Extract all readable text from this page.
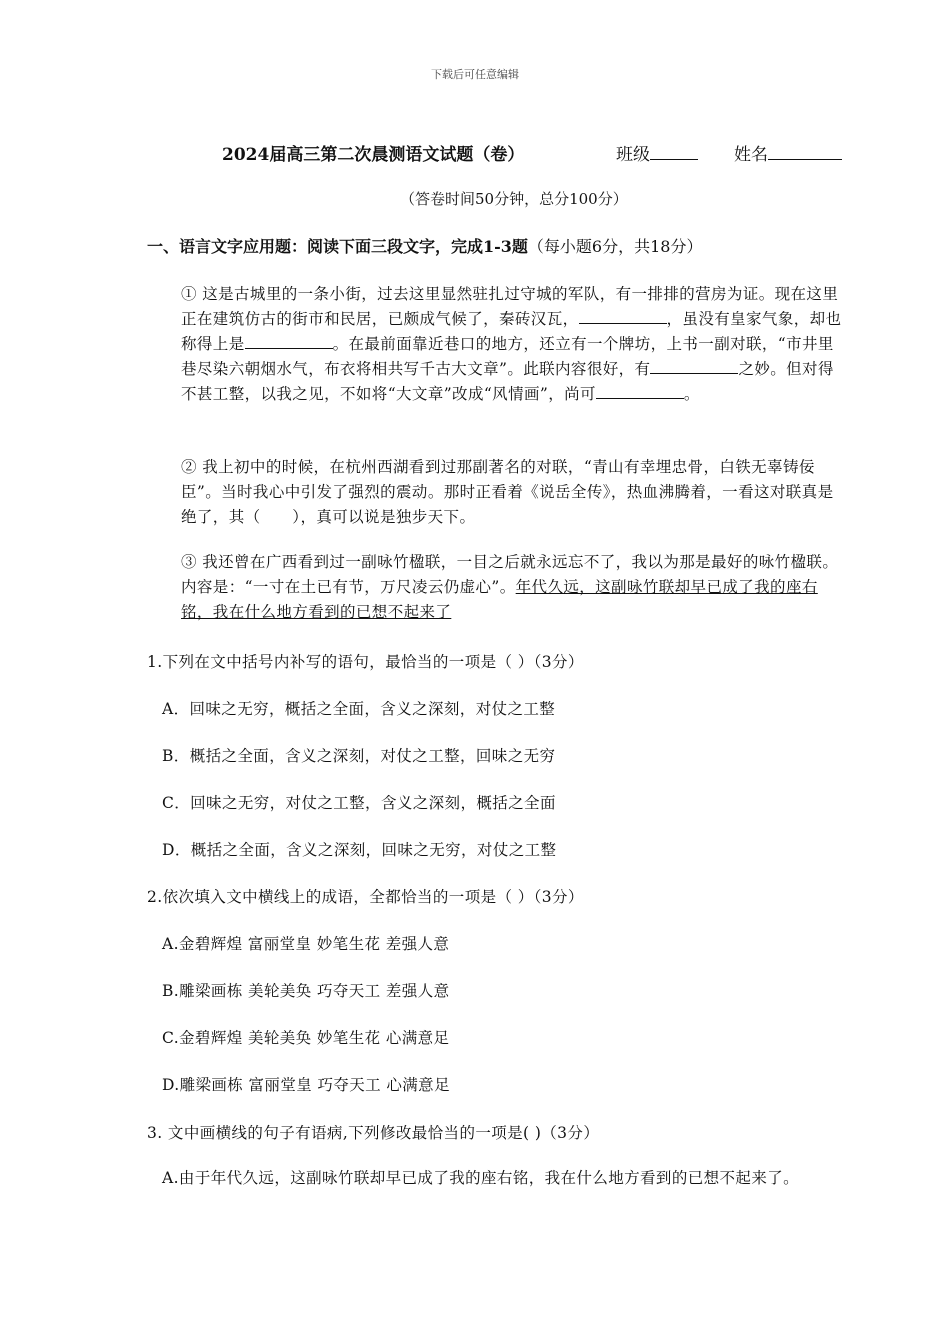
下载后可任意编辑
2024届高三第二次晨测语文试题（卷）	班级	姓名
（答卷时间50分钟，总分100分）
一、语言文字应用题：阅读下面三段文字，完成1-3题（每小题6分，共18分）
① 这是古城里的一条小街，过去这里显然驻扎过守城的军队，有一排排的营房为证。现在这里正在建筑仿古的街市和民居，已颇成气候了，秦砖汉瓦，	，虽没有皇家气象，却也称得上是	。在最前面靠近巷口的地方，还立有一个牌坊，上书一副对联，“市井里巷尽染六朝烟水气，布衣将相共写千古大文章”。此联内容很好，有	之妙。但对得不甚工整，以我之见，不如将“大文章”改成“风情画”，尚可	。
② 我上初中的时候，在杭州西湖看到过那副著名的对联，“青山有幸埋忠骨，白铁无辜铸佞臣”。当时我心中引发了强烈的震动。那时正看着《说岳全传》，热血沸腾着，一看这对联真是绝了，其（　　），真可以说是独步天下。
③ 我还曾在广西看到过一副咏竹楹联，一目之后就永远忘不了，我以为那是最好的咏竹楹联。内容是：“一寸在土已有节，万尺凌云仍虚心”。年代久远，这副咏竹联却早已成了我的座右铭，我在什么地方看到的已想不起来了
1.下列在文中括号内补写的语句，最恰当的一项是（ ）（3分）
A．回味之无穷，概括之全面，含义之深刻，对仗之工整
B．概括之全面，含义之深刻，对仗之工整，回味之无穷
C．回味之无穷，对仗之工整，含义之深刻，概括之全面
D．概括之全面，含义之深刻，回味之无穷，对仗之工整
2.依次填入文中横线上的成语，全都恰当的一项是（ ）（3分）
A.金碧辉煌 富丽堂皇 妙笔生花 差强人意
B.雕梁画栋 美轮美奂 巧夺天工 差强人意
C.金碧辉煌 美轮美奂 妙笔生花 心满意足
D.雕梁画栋 富丽堂皇 巧夺天工 心满意足
3. 文中画横线的句子有语病,下列修改最恰当的一项是( )（3分）
A.由于年代久远，这副咏竹联却早已成了我的座右铭，我在什么地方看到的已想不起来了。
